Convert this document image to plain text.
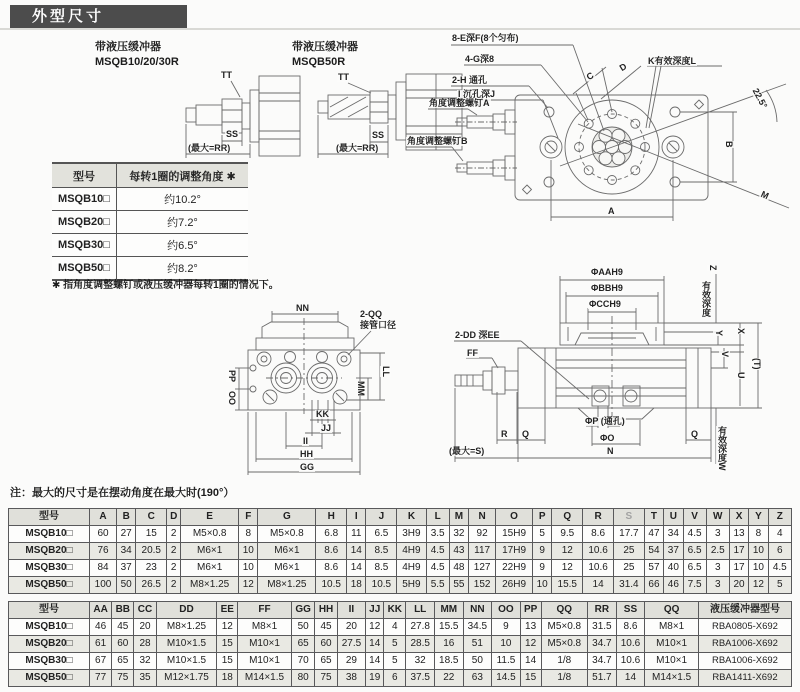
外型尺寸
带液压缓冲器
MSQB10/20/30R
带液压缓冲器
MSQB50R
TT
SS
(最大=RR)
TT
SS
(最大=RR)
8-E深F(8个匀布)
4-G深8
2-H 通孔
I 沉孔深J
K有效深度L
角度调整螺钉A
角度调整螺钉B
A
B
C
D
M
22.5°
NN
2-QQ
接管口径
PP
OO
LL
MM
KK
JJ
II
HH
GG
ΦAAH9
ΦBBH9
ΦCCH9
Z
有效深度
Y X
V
U
(T)
2-DD 深EE
FF
R Q
ΦP (通孔)
ΦO
N
Q
(最大=S)	有效深度W
型号	每转1圈的调整角度 ✱
MSQB10□	约10.2°
MSQB20□	约7.2°
MSQB30□	约6.5°
MSQB50□	约8.2°
✱ 指角度调整螺钉或液压缓冲器每转1圈的情况下。
注：最大的尺寸是在摆动角度在最大时(190°）
型号	A	B	C	D	E	F	G	H	I	J	K	L	M	N	O	P	Q	R	S	T	U	V	W	X	Y	Z
MSQB10□	60	27	15	2	M5×0.8	8	M5×0.8	6.8	11	6.5	3H9	3.5	32	92	15H9	5	9.5	8.6	17.7	47	34	4.5	3	13	8	4
MSQB20□	76	34	20.5	2	M6×1	10	M6×1	8.6	14	8.5	4H9	4.5	43	117	17H9	9	12	10.6	25	54	37	6.5	2.5	17	10	6
MSQB30□	84	37	23	2	M6×1	10	M6×1	8.6	14	8.5	4H9	4.5	48	127	22H9	9	12	10.6	25	57	40	6.5	3	17	10	4.5
MSQB50□	100	50	26.5	2	M8×1.25	12	M8×1.25	10.5	18	10.5	5H9	5.5	55	152	26H9	10	15.5	14	31.4	66	46	7.5	3	20	12	5
型号	AA	BB	CC	DD	EE	FF	GG	HH	II	JJ	KK	LL	MM	NN	OO	PP	QQ	RR	SS	QQ	液压缓冲器型号
MSQB10□	46	45	20	M8×1.25	12	M8×1	50	45	20	12	4	27.8	15.5	34.5	9	13	M5×0.8	31.5	8.6	M8×1	RBA0805-X692
MSQB20□	61	60	28	M10×1.5	15	M10×1	65	60	27.5	14	5	28.5	16	51	10	12	M5×0.8	34.7	10.6	M10×1	RBA1006-X692
MSQB30□	67	65	32	M10×1.5	15	M10×1	70	65	29	14	5	32	18.5	50	11.5	14	1/8	34.7	10.6	M10×1	RBA1006-X692
MSQB50□	77	75	35	M12×1.75	18	M14×1.5	80	75	38	19	6	37.5	22	63	14.5	15	1/8	51.7	14	M14×1.5	RBA1411-X692
